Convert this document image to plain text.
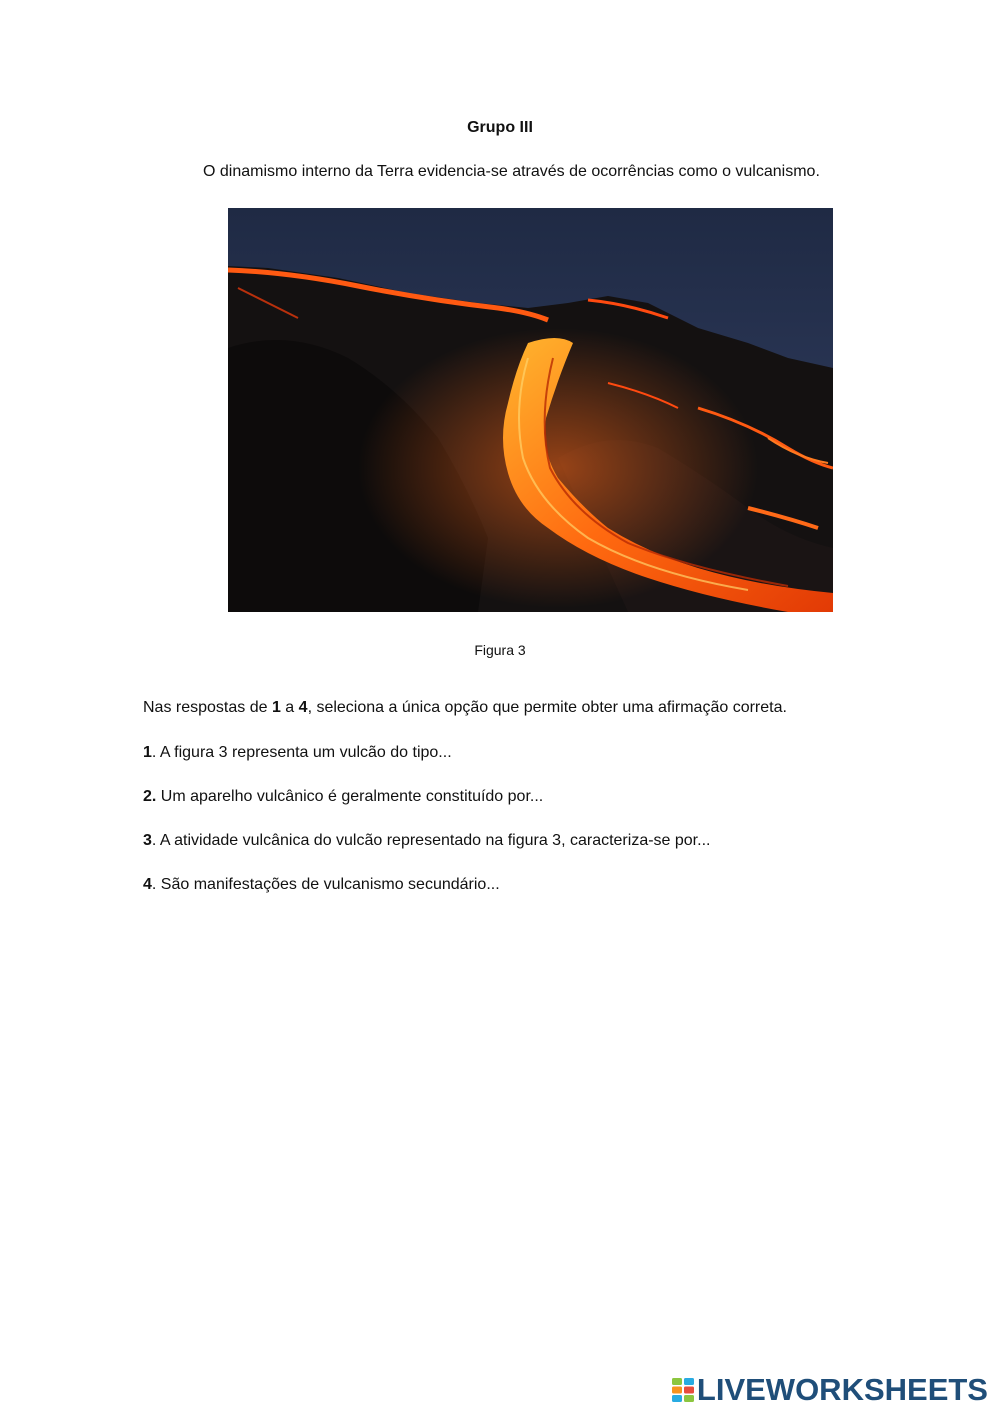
Grupo III
O dinamismo interno da Terra evidencia-se através de ocorrências como o vulcanismo.
Figura 3
Nas respostas de 1 a 4, seleciona a única opção que permite obter uma afirmação correta.
1. A figura 3 representa um vulcão do tipo...
2. Um aparelho vulcânico é geralmente constituído por...
3. A atividade vulcânica do vulcão representado na figura 3, caracteriza-se por...
4. São manifestações de vulcanismo secundário...
LIVEWORKSHEETS
